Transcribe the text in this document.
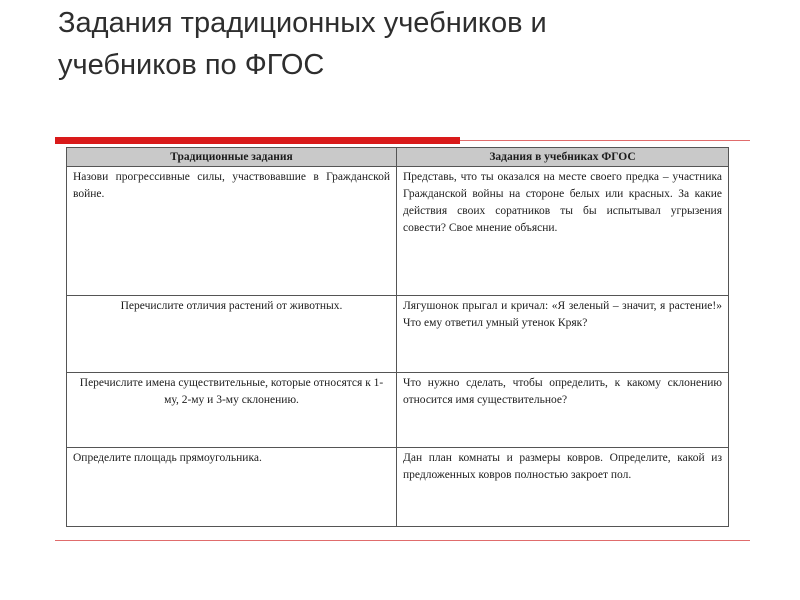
Задания традиционных учебников и
учебников по ФГОС
Традиционные задания	Задания в учебниках ФГОС
Назови прогрессивные силы, участвовавшие в Гражданской войне.	Представь, что ты оказался на месте своего предка – участника Гражданской войны на стороне белых или красных. За какие действия своих соратников ты бы испытывал угрызения совести? Свое мнение объясни.
Перечислите отличия растений от животных.	Лягушонок прыгал и кричал: «Я зеленый – значит, я растение!» Что ему ответил умный утенок Кряк?
Перечислите имена существительные, которые относятся к 1-му, 2-му и 3-му склонению.	Что нужно сделать, чтобы определить, к какому склонению относится имя существительное?
Определите площадь прямоугольника.	Дан план комнаты и размеры ковров. Определите, какой из предложенных ковров полностью закроет пол.
